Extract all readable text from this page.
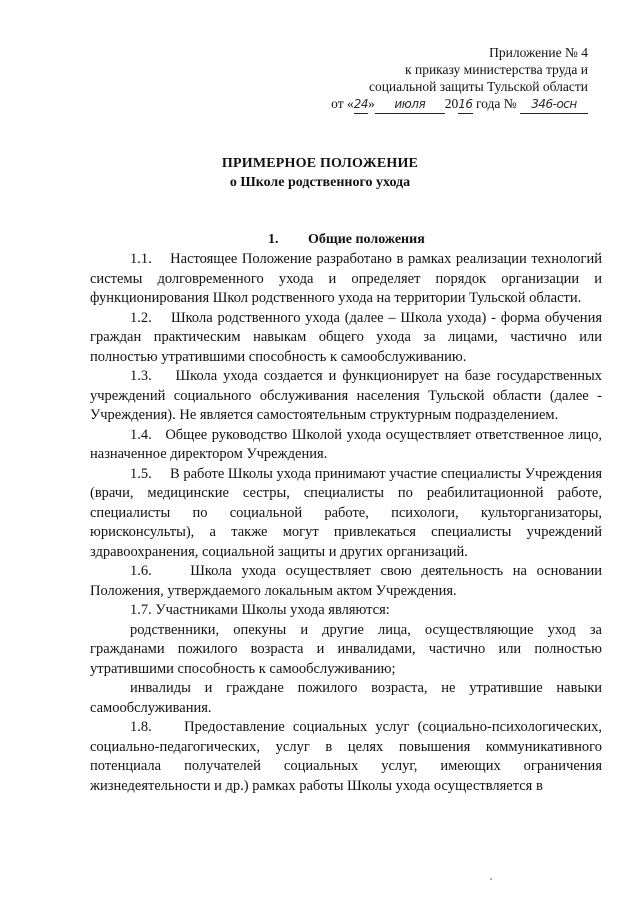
Приложение № 4
к приказу министерства труда и
социальной защиты Тульской области
от «24» июля 2016 года № 346-осн
ПРИМЕРНОЕ ПОЛОЖЕНИЕ
о Школе родственного ухода
1. Общие положения

1.1. Настоящее Положение разработано в рамках реализации технологий системы долговременного ухода и определяет порядок организации и функционирования Школ родственного ухода на территории Тульской области.

1.2. Школа родственного ухода (далее – Школа ухода) - форма обучения граждан практическим навыкам общего ухода за лицами, частично или полностью утратившими способность к самообслуживанию.

1.3. Школа ухода создается и функционирует на базе государственных учреждений социального обслуживания населения Тульской области (далее - Учреждения). Не является самостоятельным структурным подразделением.

1.4. Общее руководство Школой ухода осуществляет ответственное лицо, назначенное директором Учреждения.

1.5. В работе Школы ухода принимают участие специалисты Учреждения (врачи, медицинские сестры, специалисты по реабилитационной работе, специалисты по социальной работе, психологи, культорганизаторы, юрисконсульты), а также могут привлекаться специалисты учреждений здравоохранения, социальной защиты и других организаций.

1.6.	Школа ухода осуществляет свою деятельность на основании Положения, утверждаемого локальным актом Учреждения.

1.7. Участниками Школы ухода являются:

родственники, опекуны и другие лица, осуществляющие уход за гражданами пожилого возраста и инвалидами, частично или полностью утратившими способность к самообслуживанию;

инвалиды и граждане пожилого возраста, не утратившие навыки самообслуживания.

1.8. Предоставление социальных услуг (социально-психологических, социально-педагогических, услуг в целях повышения коммуникативного потенциала получателей социальных услуг, имеющих ограничения жизнедеятельности и др.) рамках работы Школы ухода осуществляется в
